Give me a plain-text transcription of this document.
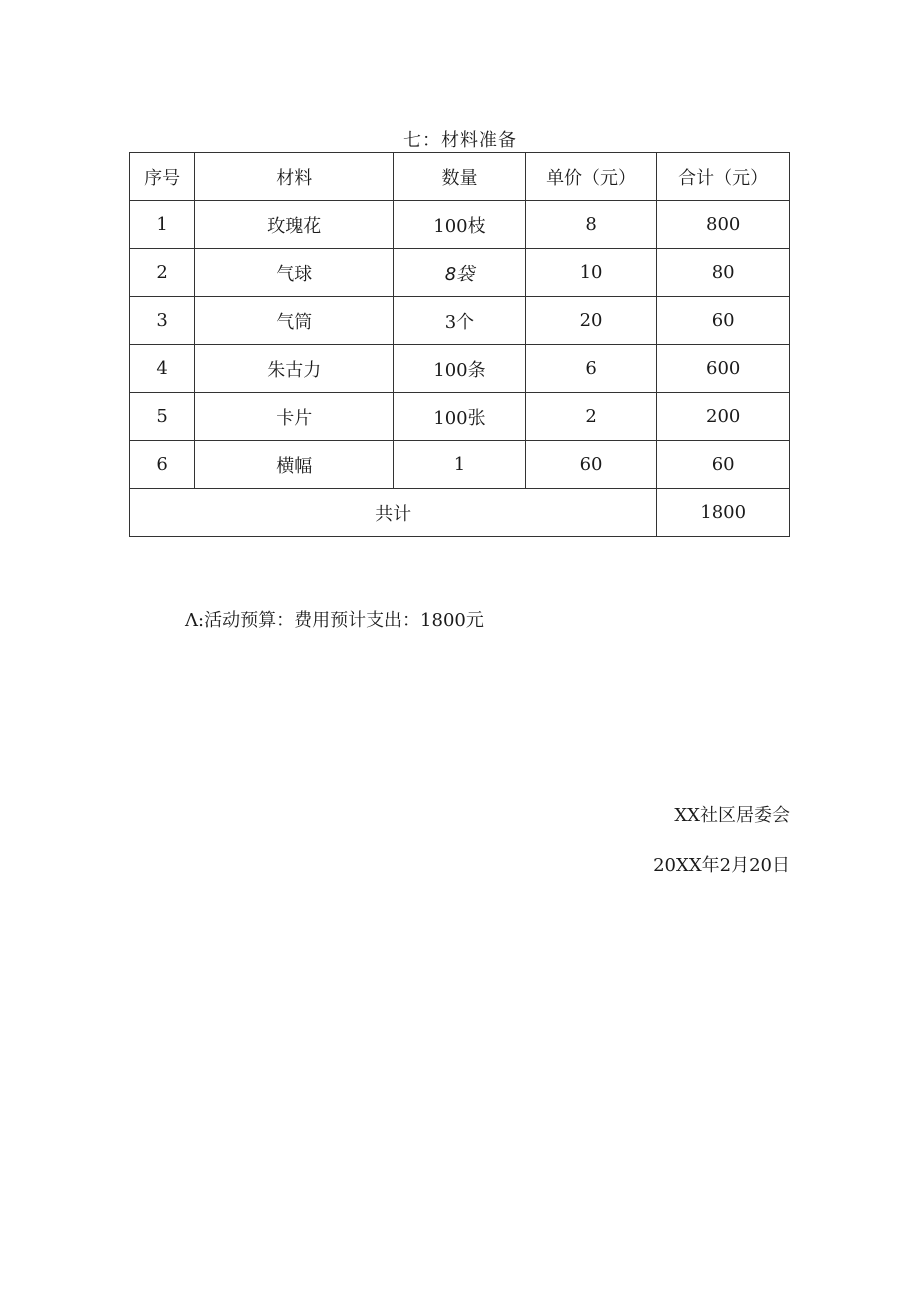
七：材料准备
序号	材料	数量	单价（元）	合计（元）
1	玫瑰花	100枝	8	800
2	气球	8袋	10	80
3	气筒	3个	20	60
4	朱古力	100条	6	600
5	卡片	100张	2	200
6	横幅	1	60	60
共计				1800
Λ:活动预算：费用预计支出：1800元
XX社区居委会
20XX年2月20日
